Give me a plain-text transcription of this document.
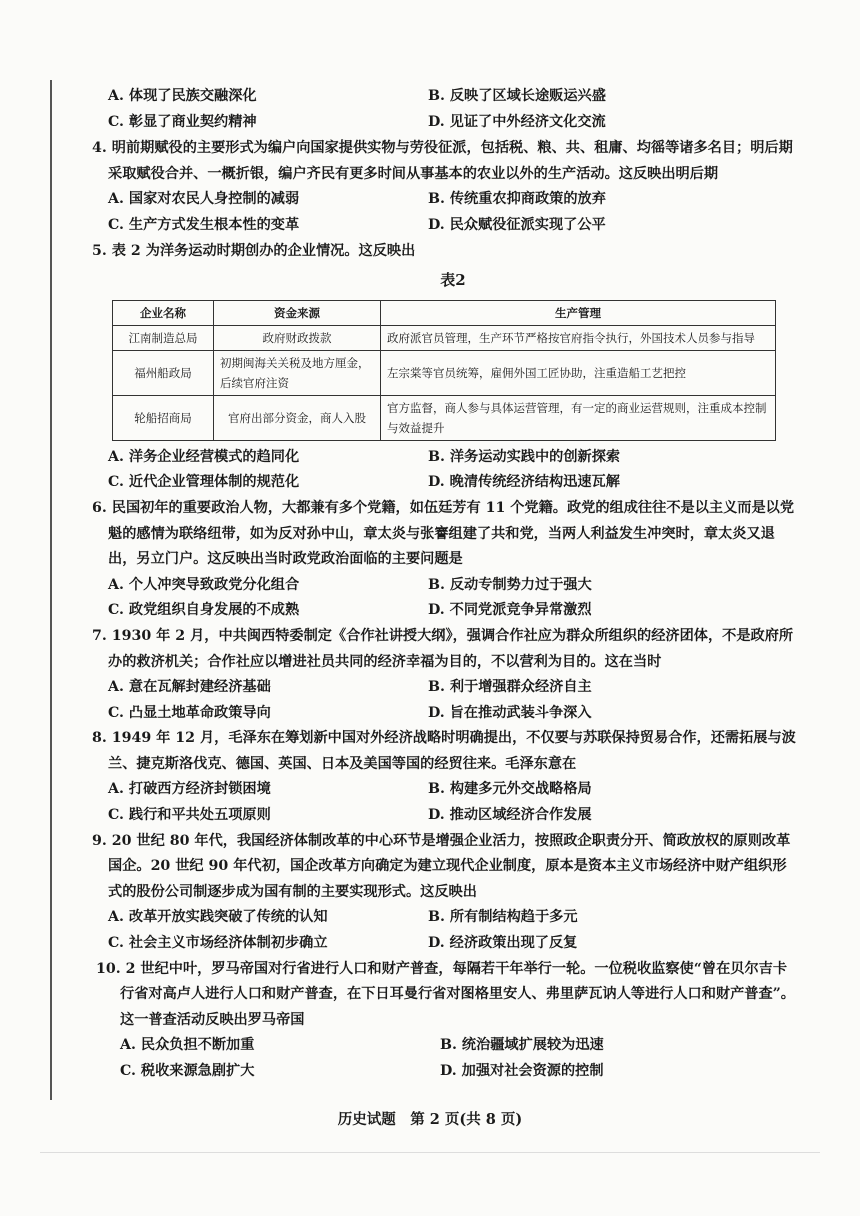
A. 体现了民族交融深化	B. 反映了区域长途贩运兴盛
C. 彰显了商业契约精神	D. 见证了中外经济文化交流

4. 明前期赋役的主要形式为编户向国家提供实物与劳役征派，包括税、粮、共、租庸、均徭等诸多名目；明后期采取赋役合并、一概折银，编户齐民有更多时间从事基本的农业以外的生产活动。这反映出明后期

A. 国家对农民人身控制的减弱	B. 传统重农抑商政策的放弃
C. 生产方式发生根本性的变革	D. 民众赋役征派实现了公平

5. 表 2 为洋务运动时期创办的企业情况。这反映出

表2
企业名称	资金来源	生产管理
江南制造总局	政府财政拨款	政府派官员管理，生产环节严格按官府指令执行，外国技术人员参与指导
福州船政局	初期闽海关关税及地方厘金，后续官府注资	左宗棠等官员统筹，雇佣外国工匠协助，注重造船工艺把控
轮船招商局	官府出部分资金，商人入股	官方监督，商人参与具体运营管理，有一定的商业运营规则，注重成本控制与效益提升
A. 洋务企业经营模式的趋同化	B. 洋务运动实践中的创新探索
C. 近代企业管理体制的规范化	D. 晚清传统经济结构迅速瓦解

6. 民国初年的重要政治人物，大都兼有多个党籍，如伍廷芳有 11 个党籍。政党的组成往往不是以主义而是以党魁的感情为联络纽带，如为反对孙中山，章太炎与张謇组建了共和党，当两人利益发生冲突时，章太炎又退出，另立门户。这反映出当时政党政治面临的主要问题是

A. 个人冲突导致政党分化组合	B. 反动专制势力过于强大
C. 政党组织自身发展的不成熟	D. 不同党派竞争异常激烈

7. 1930 年 2 月，中共闽西特委制定《合作社讲授大纲》，强调合作社应为群众所组织的经济团体，不是政府所办的救济机关；合作社应以增进社员共同的经济幸福为目的，不以营利为目的。这在当时

A. 意在瓦解封建经济基础	B. 利于增强群众经济自主
C. 凸显土地革命政策导向	D. 旨在推动武装斗争深入

8. 1949 年 12 月，毛泽东在筹划新中国对外经济战略时明确提出，不仅要与苏联保持贸易合作，还需拓展与波兰、捷克斯洛伐克、德国、英国、日本及美国等国的经贸往来。毛泽东意在

A. 打破西方经济封锁困境	B. 构建多元外交战略格局
C. 践行和平共处五项原则	D. 推动区域经济合作发展

9. 20 世纪 80 年代，我国经济体制改革的中心环节是增强企业活力，按照政企职责分开、简政放权的原则改革国企。20 世纪 90 年代初，国企改革方向确定为建立现代企业制度，原本是资本主义市场经济中财产组织形式的股份公司制逐步成为国有制的主要实现形式。这反映出

A. 改革开放实践突破了传统的认知	B. 所有制结构趋于多元
C. 社会主义市场经济体制初步确立	D. 经济政策出现了反复

10. 2 世纪中叶，罗马帝国对行省进行人口和财产普查，每隔若干年举行一轮。一位税收监察使“曾在贝尔吉卡行省对高卢人进行人口和财产普查，在下日耳曼行省对图格里安人、弗里萨瓦讷人等进行人口和财产普查”。这一普查活动反映出罗马帝国

A. 民众负担不断加重	B. 统治疆域扩展较为迅速
C. 税收来源急剧扩大	D. 加强对社会资源的控制
历史试题　第 2 页(共 8 页)
